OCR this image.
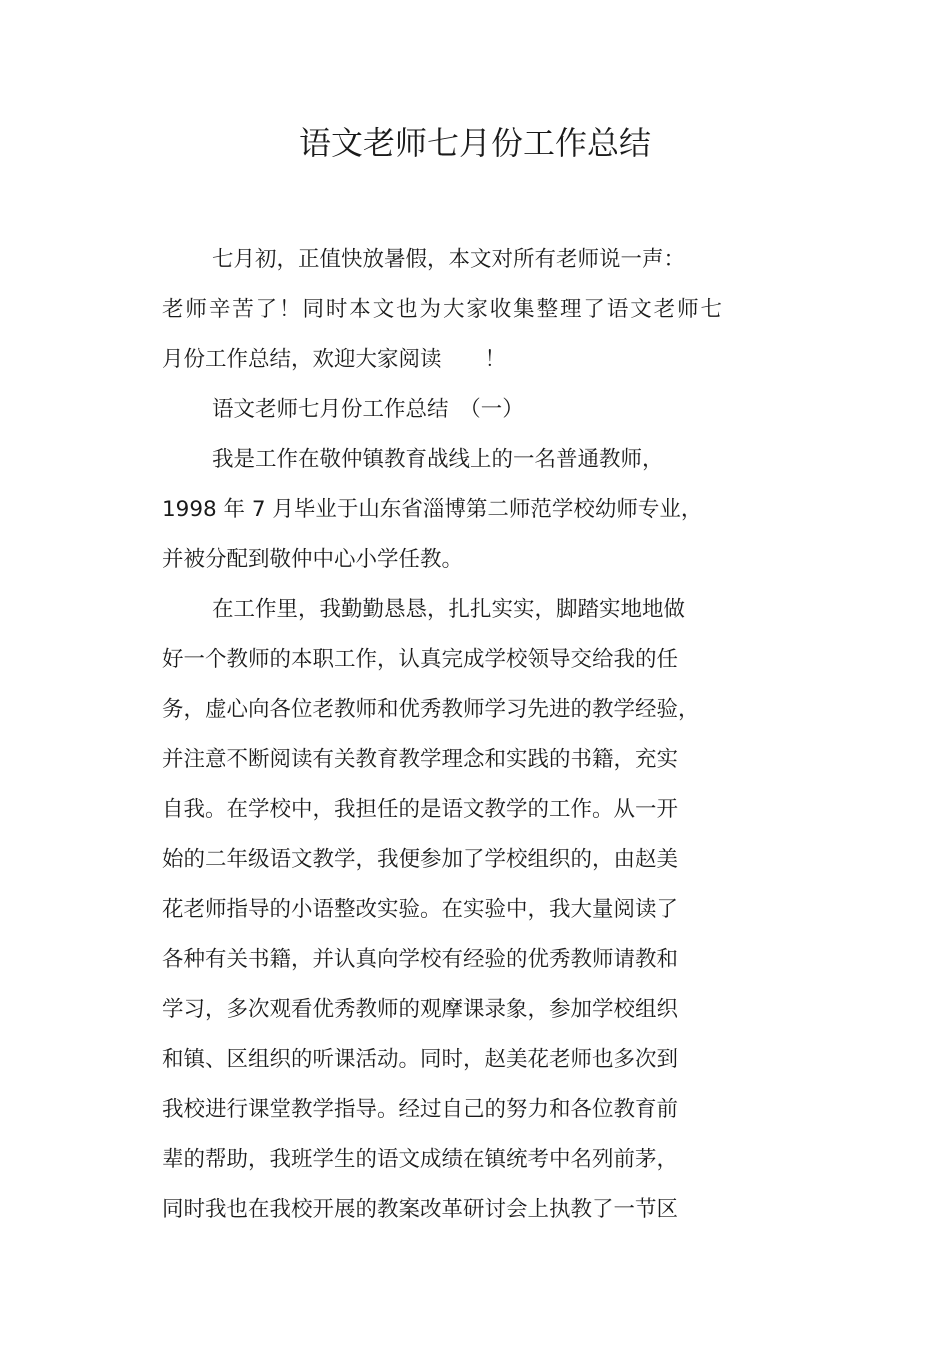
语文老师七月份工作总结
七月初，正值快放暑假，本文对所有老师说一声：
老师辛苦了！同时本文也为大家收集整理了语文老师七
月份工作总结，欢迎大家阅读　　！
语文老师七月份工作总结　（一）
我是工作在敬仲镇教育战线上的一名普通教师，
1998 年 7 月毕业于山东省淄博第二师范学校幼师专业，
并被分配到敬仲中心小学任教。
在工作里，我勤勤恳恳，扎扎实实，脚踏实地地做
好一个教师的本职工作，认真完成学校领导交给我的任
务，虚心向各位老教师和优秀教师学习先进的教学经验，
并注意不断阅读有关教育教学理念和实践的书籍，充实
自我。在学校中，我担任的是语文教学的工作。从一开
始的二年级语文教学，我便参加了学校组织的，由赵美
花老师指导的小语整改实验。在实验中，我大量阅读了
各种有关书籍，并认真向学校有经验的优秀教师请教和
学习，多次观看优秀教师的观摩课录象，参加学校组织
和镇、区组织的听课活动。同时，赵美花老师也多次到
我校进行课堂教学指导。经过自己的努力和各位教育前
辈的帮助，我班学生的语文成绩在镇统考中名列前茅，
同时我也在我校开展的教案改革研讨会上执教了一节区
